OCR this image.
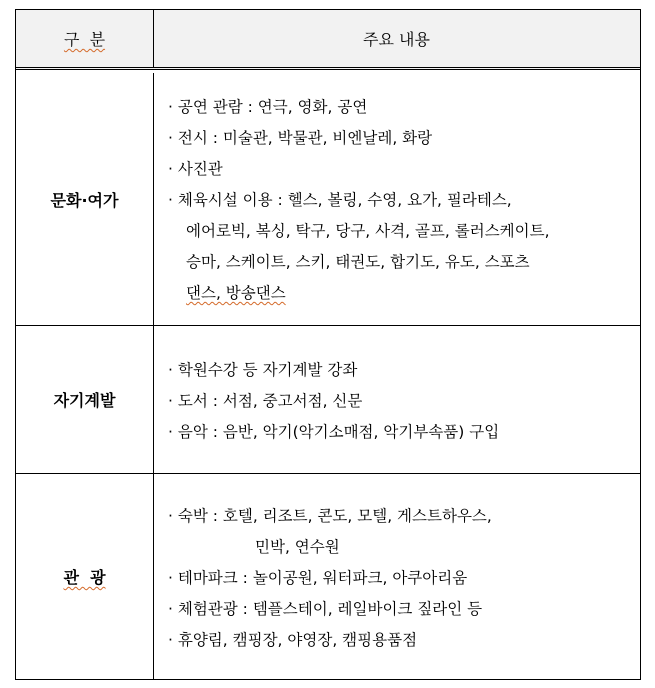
구  분	주요 내용
문화·여가
· 공연 관람 : 연극, 영화, 공연
· 전시 : 미술관, 박물관, 비엔날레, 화랑
· 사진관
· 체육시설 이용 : 헬스, 볼링, 수영, 요가, 필라테스,
에어로빅, 복싱, 탁구, 당구, 사격, 골프, 롤러스케이트,
승마, 스케이트, 스키, 태권도, 합기도, 유도, 스포츠
댄스, 방송댄스
자기계발
· 학원수강 등 자기계발 강좌
· 도서 : 서점, 중고서점, 신문
· 음악 : 음반, 악기(악기소매점, 악기부속품) 구입
관  광
· 숙박 : 호텔, 리조트, 콘도, 모텔, 게스트하우스,
민박, 연수원
· 테마파크 : 놀이공원, 워터파크, 아쿠아리움
· 체험관광 : 템플스테이, 레일바이크 짚라인 등
· 휴양림, 캠핑장, 야영장, 캠핑용품점
